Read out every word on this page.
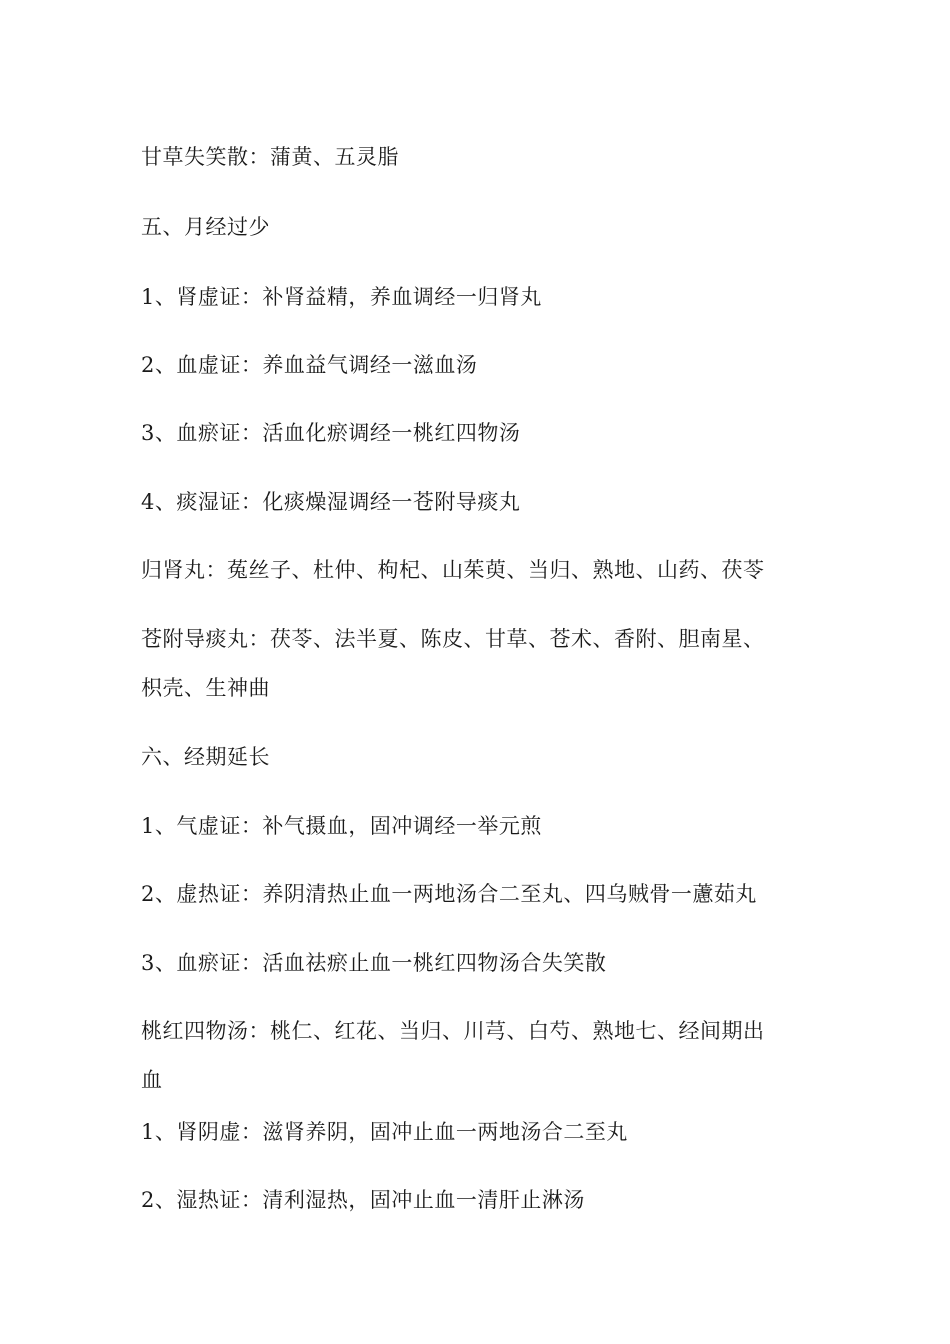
甘草失笑散：蒲黄、五灵脂
五、月经过少
1、肾虚证：补肾益精，养血调经一归肾丸
2、血虚证：养血益气调经一滋血汤
3、血瘀证：活血化瘀调经一桃红四物汤
4、痰湿证：化痰燥湿调经一苍附导痰丸
归肾丸：菟丝子、杜仲、枸杞、山茱萸、当归、熟地、山药、茯苓
苍附导痰丸：茯苓、法半夏、陈皮、甘草、苍术、香附、胆南星、
枳壳、生神曲
六、经期延长
1、气虚证：补气摄血，固冲调经一举元煎
2、虚热证：养阴清热止血一两地汤合二至丸、四乌贼骨一藘茹丸
3、血瘀证：活血祛瘀止血一桃红四物汤合失笑散
桃红四物汤：桃仁、红花、当归、川芎、白芍、熟地七、经间期出
血
1、肾阴虚：滋肾养阴，固冲止血一两地汤合二至丸
2、湿热证：清利湿热，固冲止血一清肝止淋汤
